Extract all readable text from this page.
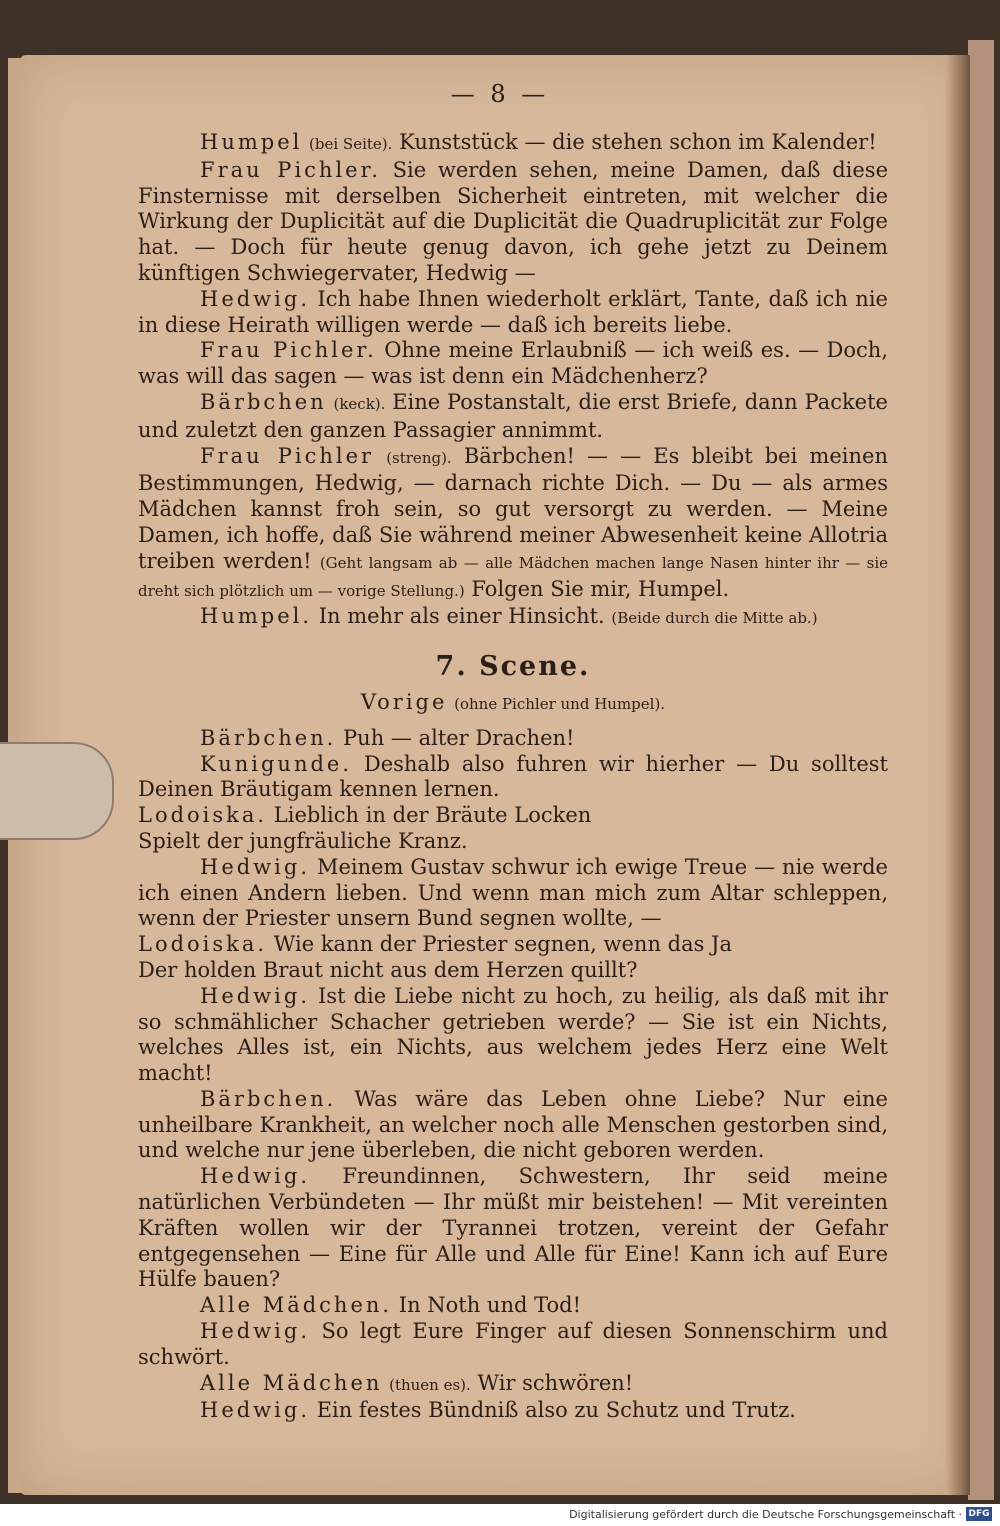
— 8 —

Humpel (bei Seite). Kunststück — die stehen schon im Kalender!

Frau Pichler. Sie werden sehen, meine Damen, daß diese Finsternisse mit derselben Sicherheit eintreten, mit welcher die Wirkung der Duplicität auf die Duplicität die Quadruplicität zur Folge hat. — Doch für heute genug davon, ich gehe jetzt zu Deinem künftigen Schwiegervater, Hedwig —

Hedwig. Ich habe Ihnen wiederholt erklärt, Tante, daß ich nie in diese Heirath willigen werde — daß ich bereits liebe.

Frau Pichler. Ohne meine Erlaubniß — ich weiß es. — Doch, was will das sagen — was ist denn ein Mädchenherz?

Bärbchen (keck). Eine Postanstalt, die erst Briefe, dann Packete und zuletzt den ganzen Passagier annimmt.

Frau Pichler (streng). Bärbchen! — — Es bleibt bei meinen Bestimmungen, Hedwig, — darnach richte Dich. — Du — als armes Mädchen kannst froh sein, so gut versorgt zu werden. — Meine Damen, ich hoffe, daß Sie während meiner Abwesenheit keine Allotria treiben werden! (Geht langsam ab — alle Mädchen machen lange Nasen hinter ihr — sie dreht sich plötzlich um — vorige Stellung.) Folgen Sie mir, Humpel.

Humpel. In mehr als einer Hinsicht. (Beide durch die Mitte ab.)

7. Scene.

Vorige (ohne Pichler und Humpel).

Bärbchen. Puh — alter Drachen!

Kunigunde. Deshalb also fuhren wir hierher — Du solltest Deinen Bräutigam kennen lernen.

Lodoiska. Lieblich in der Bräute Locken

Spielt der jungfräuliche Kranz.

Hedwig. Meinem Gustav schwur ich ewige Treue — nie werde ich einen Andern lieben. Und wenn man mich zum Altar schleppen, wenn der Priester unsern Bund segnen wollte, —

Lodoiska. Wie kann der Priester segnen, wenn das Ja

Der holden Braut nicht aus dem Herzen quillt?

Hedwig. Ist die Liebe nicht zu hoch, zu heilig, als daß mit ihr so schmählicher Schacher getrieben werde? — Sie ist ein Nichts, welches Alles ist, ein Nichts, aus welchem jedes Herz eine Welt macht!

Bärbchen. Was wäre das Leben ohne Liebe? Nur eine unheilbare Krankheit, an welcher noch alle Menschen gestorben sind, und welche nur jene überleben, die nicht geboren werden.

Hedwig. Freundinnen, Schwestern, Ihr seid meine natürlichen Verbündeten — Ihr müßt mir beistehen! — Mit vereinten Kräften wollen wir der Tyrannei trotzen, vereint der Gefahr entgegensehen — Eine für Alle und Alle für Eine! Kann ich auf Eure Hülfe bauen?

Alle Mädchen. In Noth und Tod!

Hedwig. So legt Eure Finger auf diesen Sonnenschirm und schwört.

Alle Mädchen (thuen es). Wir schwören!

Hedwig. Ein festes Bündniß also zu Schutz und Trutz.

Digitalisierung gefördert durch die Deutsche Forschungsgemeinschaft · DFG
